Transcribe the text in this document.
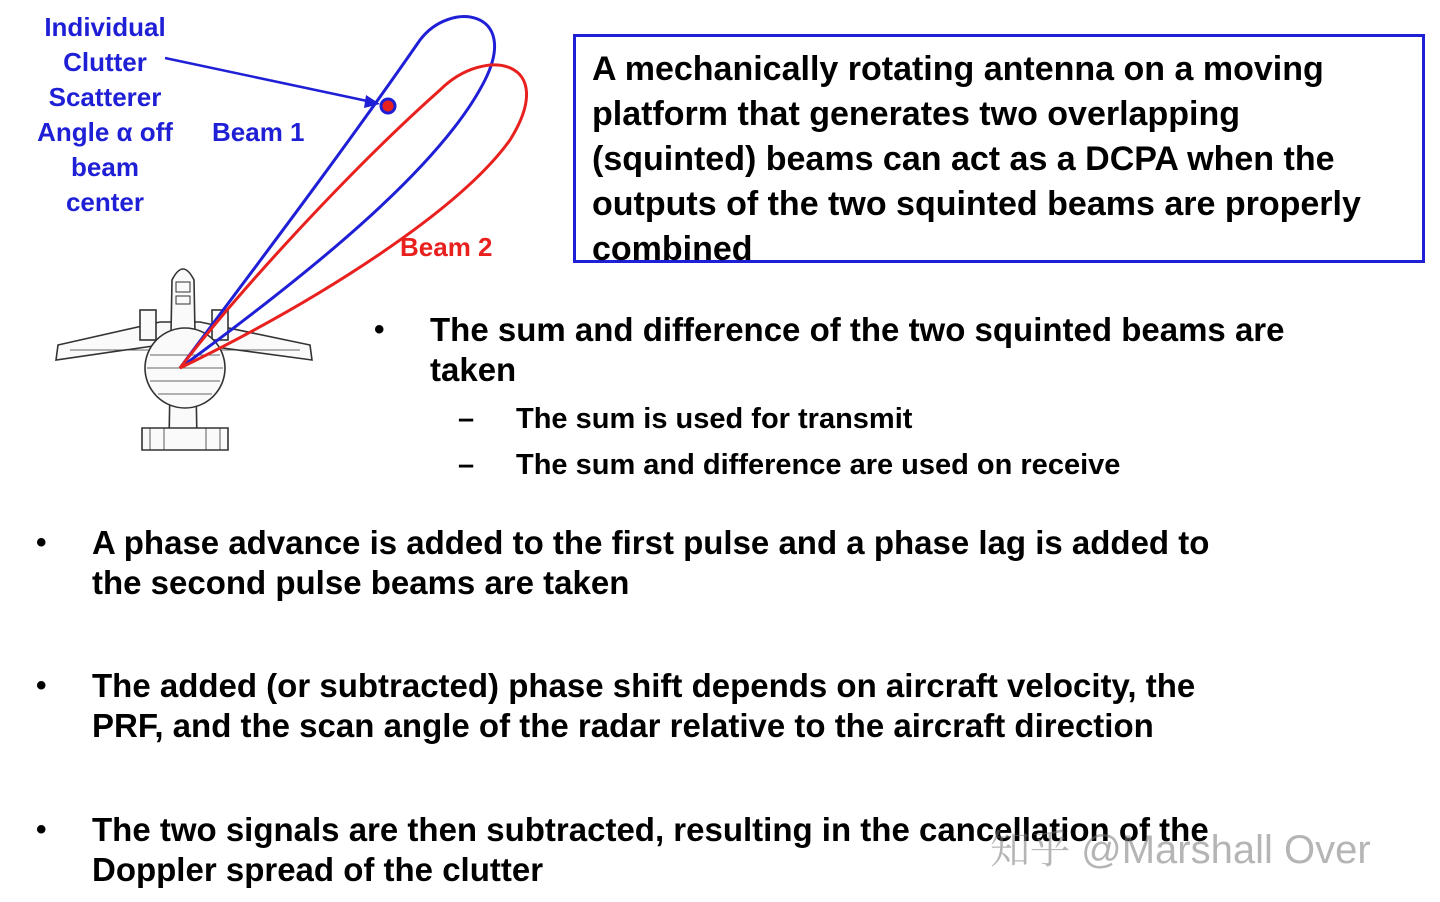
Individual
Clutter
Scatterer
Angle α off
beam
center
Beam 1
Beam 2
A mechanically rotating antenna on a moving platform that generates two overlapping (squinted) beams can act as a DCPA when the outputs of the two squinted beams are properly combined
• The sum and difference of the two squinted beams are
taken
– The sum is used for transmit
– The sum and difference are used on receive
• A phase advance is added to the first pulse and a phase lag is added to
the second pulse beams are taken
• The added (or subtracted) phase shift depends on aircraft velocity, the
PRF, and the scan angle of the radar relative to the aircraft direction
• The two signals are then subtracted, resulting in the cancellation of the
Doppler spread of the clutter	知乎 @Marshall Over
